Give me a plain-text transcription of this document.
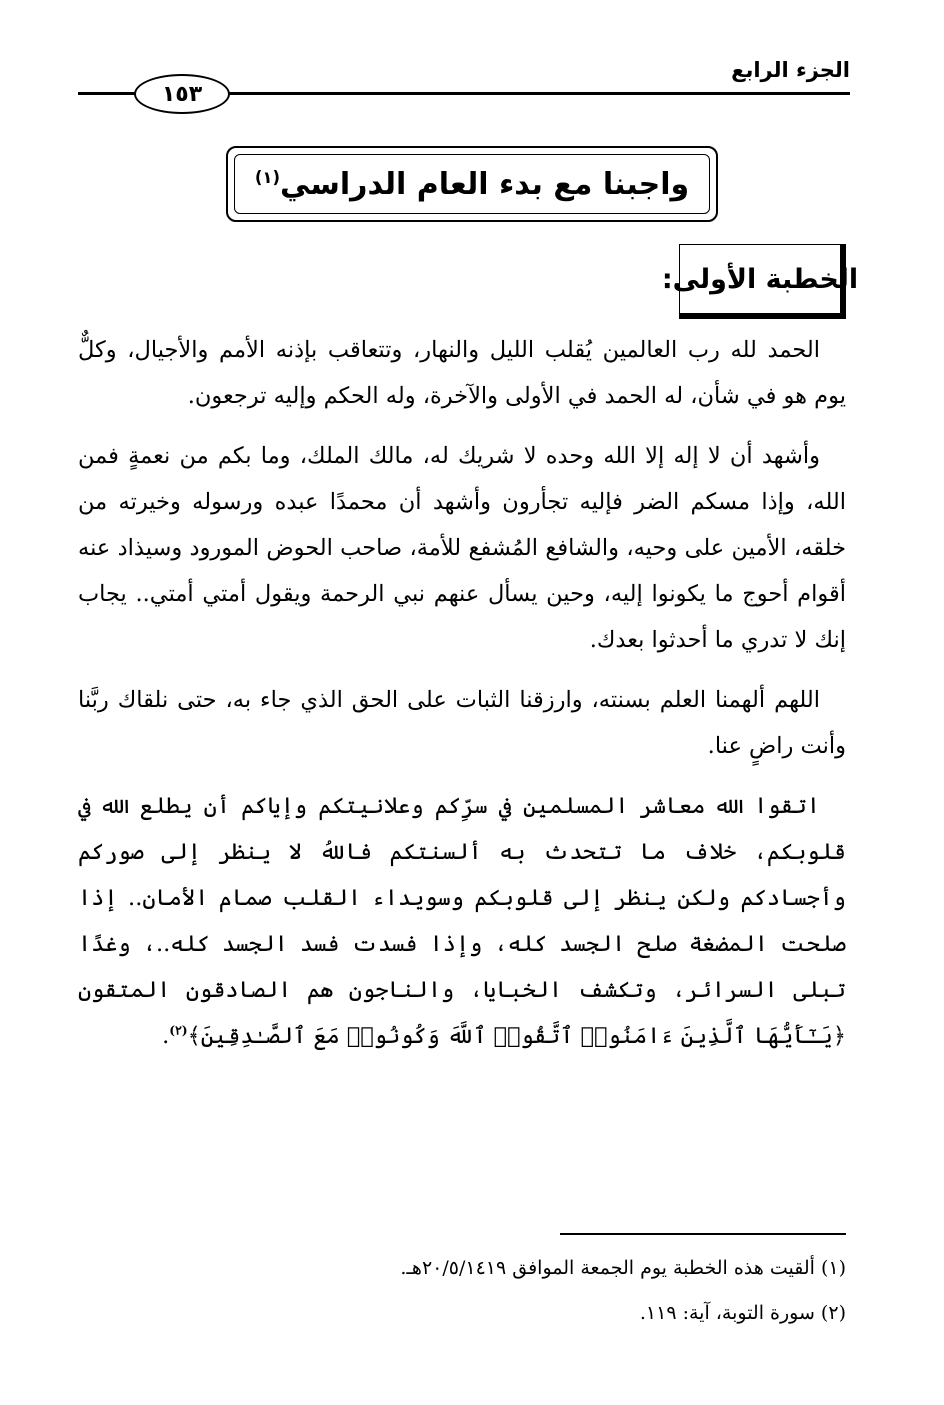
الجزء الرابع
١٥٣
واجبنا مع بدء العام الدراسي$^{(١)}$
الخطبة الأولى:

الحمد لله رب العالمين يُقلب الليل والنهار، وتتعاقب بإذنه الأمم والأجيال، وكلٌّ يوم هو في شأن، له الحمد في الأولى والآخرة، وله الحكم وإليه ترجعون.

وأشهد أن لا إله إلا الله وحده لا شريك له، مالك الملك، وما بكم من نعمةٍ فمن الله، وإذا مسكم الضر فإليه تجأرون وأشهد أن محمدًا عبده ورسوله وخيرته من خلقه، الأمين على وحيه، والشافع المُشفع للأمة، صاحب الحوض المورود وسيذاد عنه أقوام أحوج ما يكونوا إليه، وحين يسأل عنهم نبي الرحمة ويقول أمتي أمتي.. يجاب إنك لا تدري ما أحدثوا بعدك.

اللهم ألهمنا العلم بسنته، وارزقنا الثبات على الحق الذي جاء به، حتى نلقاك ربَّنا وأنت راضٍ عنا.

اتقوا الله معاشر المسلمين في سرِّكم وعلانيتكم وإياكم أن يطلع الله في قلوبكم، خلاف ما تتحدث به ألسنتكم فاللهُ لا ينظر إلى صوركم وأجسادكم ولكن ينظر إلى قلوبكم وسويداء القلب صمام الأمان.. إذا صلحت المضغة صلح الجسد كله، وإذا فسدت فسد الجسد كله..، وغدًا تبلى السرائر، وتكشف الخبايا، والناجون هم الصادقون المتقون ﴿يَـٰٓأَيُّهَا ٱلَّذِينَ ءَامَنُوا۟ ٱتَّقُوا۟ ٱللَّهَ وَكُونُوا۟ مَعَ ٱلصَّـٰدِقِينَ﴾$^{(٢)}$.

(١) ألقيت هذه الخطبة يوم الجمعة الموافق ٢٠/٥/١٤١٩هـ.
(٢) سورة التوبة، آية: ١١٩.
